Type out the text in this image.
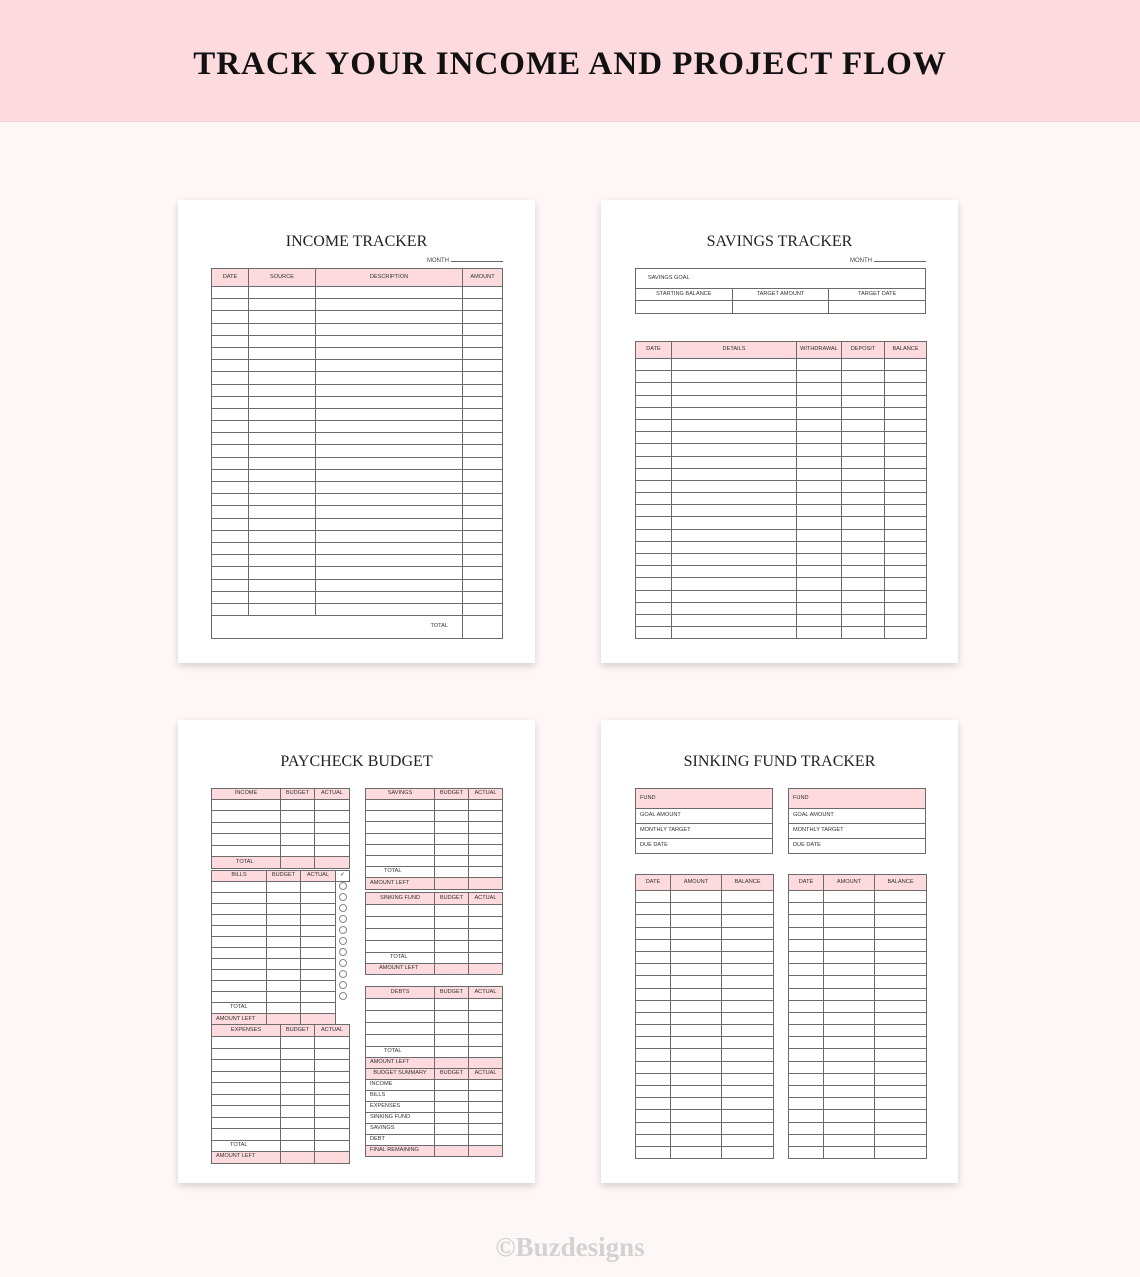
TRACK YOUR INCOME AND PROJECT FLOW
INCOME TRACKER
MONTH
DATE	SOURCE	DESCRIPTION	AMOUNT

TOTAL			
SAVINGS TRACKER
MONTH
SAVINGS GOAL		
STARTING BALANCE	TARGET AMOUNT	TARGET DATE

DATE	DETAILS	WITHDRAWAL	DEPOSIT	BALANCE

PAYCHECK BUDGET
INCOME	BUDGET	ACTUAL

TOTAL		
BILLS	BUDGET	ACTUAL	✓

TOTAL			
AMOUNT LEFT			
EXPENSES	BUDGET	ACTUAL

TOTAL		
AMOUNT LEFT		
SAVINGS	BUDGET	ACTUAL

TOTAL		
AMOUNT LEFT		
SINKING FUND	BUDGET	ACTUAL

TOTAL		
AMOUNT LEFT		
DEBTS	BUDGET	ACTUAL

TOTAL		
AMOUNT LEFT		
BUDGET SUMMARY	BUDGET	ACTUAL
INCOME		
BILLS		
EXPENSES		
SINKING FUND		
SAVINGS		
DEBT		
FINAL REMAINING		
SINKING FUND TRACKER
FUND
GOAL AMOUNT
MONTHLY TARGET
DUE DATE
FUND
GOAL AMOUNT
MONTHLY TARGET
DUE DATE
DATE	AMOUNT	BALANCE

			DATE	AMOUNT	BALANCE

©Buzdesigns
